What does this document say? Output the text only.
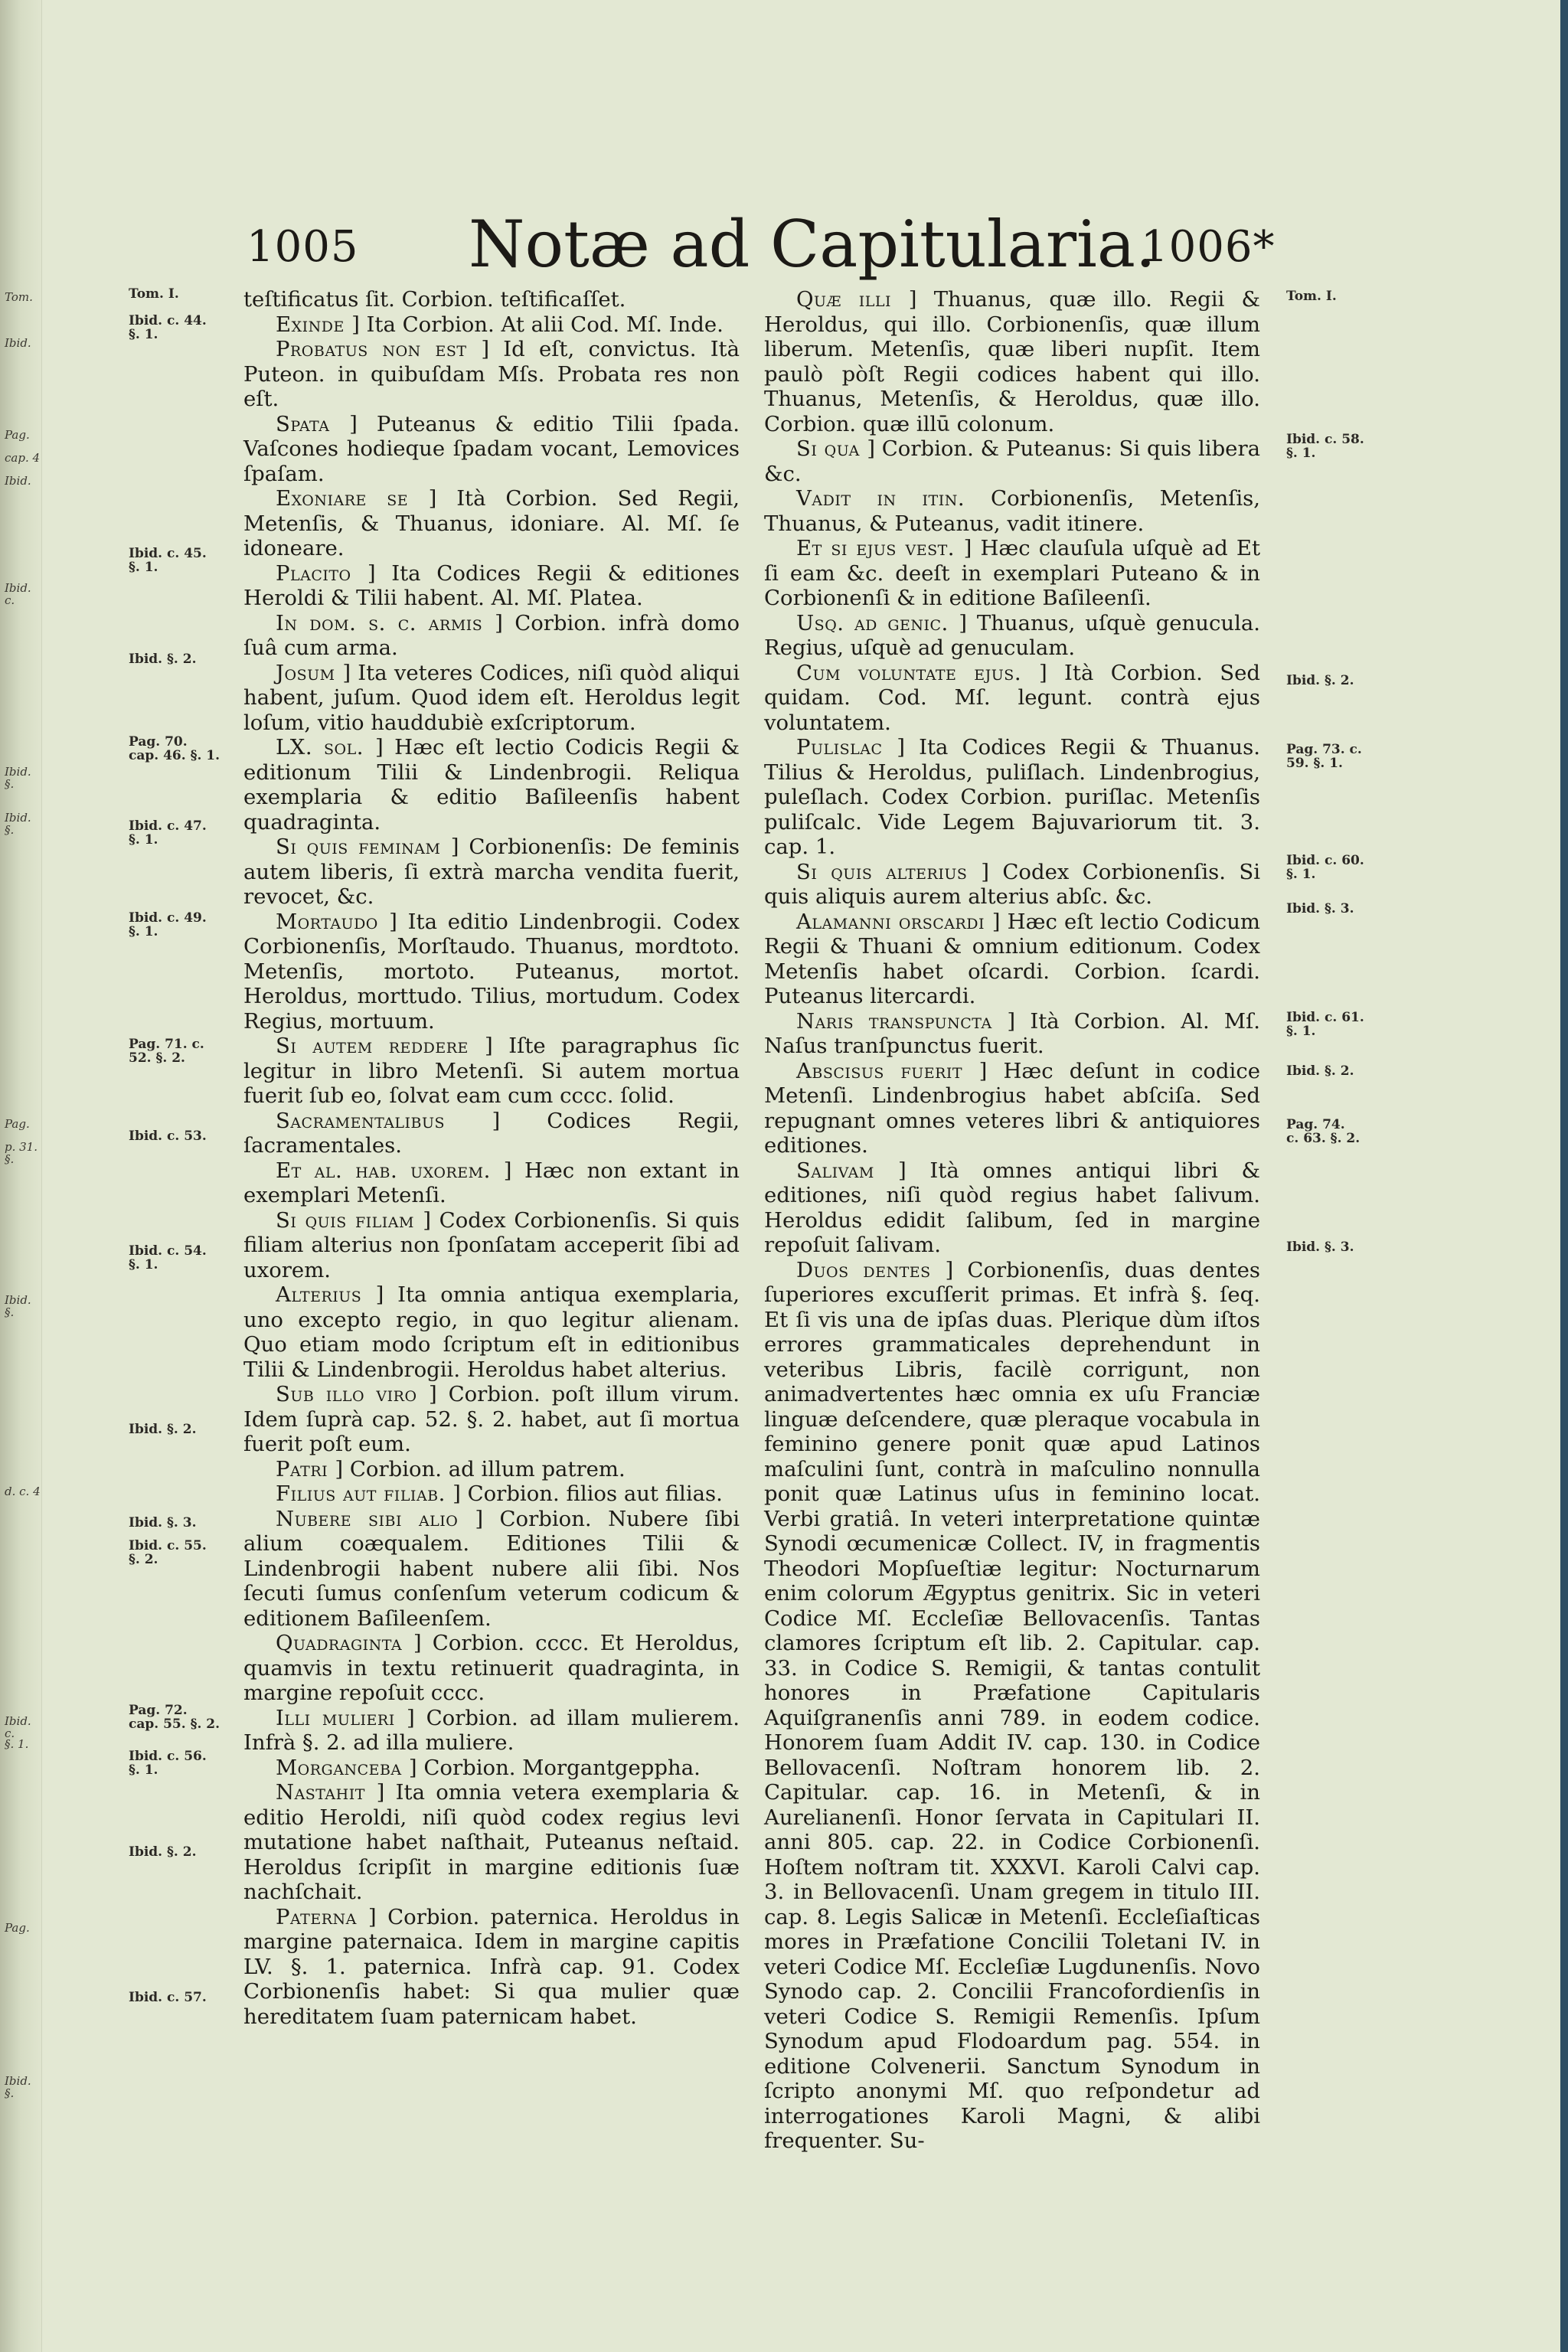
Tom.
Ibid.
Pag.
cap. 4
Ibid.
Ibid. c.
Ibid. §.
Ibid. §.
Pag.
p. 31. §.
Ibid. §.
d. c. 4
Ibid. c.
§. 1.
Pag.
Ibid. §.
1005 Notæ ad Capitularia.
1006*
Tom. I.
Ibid. c. 44.
§. 1.
Ibid. c. 45.
§. 1.
Ibid. §. 2.
Pag. 70.
cap. 46. §. 1.
Ibid. c. 47.
§. 1.
Ibid. c. 49.
§. 1.
Pag. 71. c.
52. §. 2.
Ibid. c. 53.
Ibid. c. 54.
§. 1.
Ibid. §. 2.
Ibid. §. 3.
Ibid. c. 55.
§. 2.
Pag. 72.
cap. 55. §. 2.
Ibid. c. 56.
§. 1.
Ibid. §. 2.
Ibid. c. 57.
Tom. I.
Ibid. c. 58.
§. 1.
Ibid. §. 2.
Pag. 73. c.
59. §. 1.
Ibid. c. 60.
§. 1.
Ibid. §. 3.
Ibid. c. 61.
§. 1.
Ibid. §. 2.
Pag. 74.
c. 63. §. 2.
Ibid. §. 3.

teſtificatus ſit. Corbion. teſtificaſſet.

Exinde ] Ita Corbion. At alii Cod. Mſ. Inde.

Probatus non est ] Id eſt, convictus. Ità Puteon. in quibuſdam Mſs. Probata res non eſt.

Spata ] Puteanus & editio Tilii ſpada. Vaſcones hodieque ſpadam vocant, Lemovices ſpaſam.

Exoniare se ] Ità Corbion. Sed Regii, Metenſis, & Thuanus, idoniare. Al. Mſ. ſe idoneare.

Placito ] Ita Codices Regii & editiones Heroldi & Tilii habent. Al. Mſ. Platea.

In dom. s. c. armis ] Corbion. infrà domo ſuâ cum arma.

Josum ] Ita veteres Codices, niſi quòd aliqui habent, juſum. Quod idem eſt. Heroldus legit loſum, vitio hauddubiè exſcriptorum.

LX. sol. ] Hæc eſt lectio Codicis Regii & editionum Tilii & Lindenbrogii. Reliqua exemplaria & editio Baſileenſis habent quadraginta.

Si quis feminam ] Corbionenſis: De feminis autem liberis, ſi extrà marcha vendita fuerit, revocet, &c.

Mortaudo ] Ita editio Lindenbrogii. Codex Corbionenſis, Morſtaudo. Thuanus, mordtoto. Metenſis, mortoto. Puteanus, mortot. Heroldus, morttudo. Tilius, mortudum. Codex Regius, mortuum.

Si autem reddere ] Iſte paragraphus ſic legitur in libro Metenſi. Si autem mortua fuerit ſub eo, ſolvat eam cum cccc. ſolid.

Sacramentalibus ] Codices Regii, ſacramentales.

Et al. hab. uxorem. ] Hæc non extant in exemplari Metenſi.

Si quis filiam ] Codex Corbionenſis. Si quis filiam alterius non ſponſatam acceperit ſibi ad uxorem.

Alterius ] Ita omnia antiqua exemplaria, uno excepto regio, in quo legitur alienam. Quo etiam modo ſcriptum eſt in editionibus Tilii & Lindenbrogii. Heroldus habet alterius.

Sub illo viro ] Corbion. poſt illum virum. Idem ſuprà cap. 52. §. 2. habet, aut ſi mortua fuerit poſt eum.

Patri ] Corbion. ad illum patrem.

Filius aut filiab. ] Corbion. filios aut filias.

Nubere sibi alio ] Corbion. Nubere ſibi alium coæqualem. Editiones Tilii & Lindenbrogii habent nubere alii ſibi. Nos ſecuti ſumus conſenſum veterum codicum & editionem Baſileenſem.

Quadraginta ] Corbion. cccc. Et Heroldus, quamvis in textu retinuerit quadraginta, in margine repoſuit cccc.

Illi mulieri ] Corbion. ad illam mulierem. Infrà §. 2. ad illa muliere.

Morganceba ] Corbion. Morgantgeppha.

Nastahit ] Ita omnia vetera exemplaria & editio Heroldi, niſi quòd codex regius levi mutatione habet naſthait, Puteanus neſtaid. Heroldus ſcripſit in margine editionis ſuæ nachſchait.

Paterna ] Corbion. paternica. Heroldus in margine paternaica. Idem in margine capitis LV. §. 1. paternica. Infrà cap. 91. Codex Corbionenſis habet: Si qua mulier quæ hereditatem ſuam paternicam habet.

Quæ illi ] Thuanus, quæ illo. Regii & Heroldus, qui illo. Corbionenſis, quæ illum liberum. Metenſis, quæ liberi nupſit. Item paulò pòſt Regii codices habent qui illo. Thuanus, Metenſis, & Heroldus, quæ illo. Corbion. quæ illū colonum.

Si qua ] Corbion. & Puteanus: Si quis libera &c.

Vadit in itin. Corbionenſis, Metenſis, Thuanus, & Puteanus, vadit itinere.

Et si ejus vest. ] Hæc clauſula uſquè ad Et ſi eam &c. deeſt in exemplari Puteano & in Corbionenſi & in editione Baſileenſi.

Usq. ad genic. ] Thuanus, uſquè genucula. Regius, uſquè ad genuculam.

Cum voluntate ejus. ] Ità Corbion. Sed quidam. Cod. Mſ. legunt. contrà ejus voluntatem.

Pulislac ] Ita Codices Regii & Thuanus. Tilius & Heroldus, puliſlach. Lindenbrogius, puleſlach. Codex Corbion. puriſlac. Metenſis puliſcalc. Vide Legem Bajuvariorum tit. 3. cap. 1.

Si quis alterius ] Codex Corbionenſis. Si quis aliquis aurem alterius abſc. &c.

Alamanni orscardi ] Hæc eſt lectio Codicum Regii & Thuani & omnium editionum. Codex Metenſis habet oſcardi. Corbion. ſcardi. Puteanus litercardi.

Naris transpuncta ] Ità Corbion. Al. Mſ. Naſus tranſpunctus fuerit.

Abscisus fuerit ] Hæc deſunt in codice Metenſi. Lindenbrogius habet abſciſa. Sed repugnant omnes veteres libri & antiquiores editiones.

Salivam ] Ità omnes antiqui libri & editiones, niſi quòd regius habet ſalivum. Heroldus edidit ſalibum, ſed in margine repoſuit ſalivam.

Duos dentes ] Corbionenſis, duas dentes ſuperiores excuſſerit primas. Et infrà §. ſeq. Et ſi vis una de ipſas duas. Plerique dùm iſtos errores grammaticales deprehendunt in veteribus Libris, facilè corrigunt, non animadvertentes hæc omnia ex uſu Franciæ linguæ deſcendere, quæ pleraque vocabula in feminino genere ponit quæ apud Latinos maſculini ſunt, contrà in maſculino nonnulla ponit quæ Latinus uſus in feminino locat. Verbi gratiâ. In veteri interpretatione quintæ Synodi œcumenicæ Collect. IV, in fragmentis Theodori Mopſueſtiæ legitur: Nocturnarum enim colorum Ægyptus genitrix. Sic in veteri Codice Mſ. Eccleſiæ Bellovacenſis. Tantas clamores ſcriptum eſt lib. 2. Capitular. cap. 33. in Codice S. Remigii, & tantas contulit honores in Præfatione Capitularis Aquiſgranenſis anni 789. in eodem codice. Honorem ſuam Addit IV. cap. 130. in Codice Bellovacenſi. Noſtram honorem lib. 2. Capitular. cap. 16. in Metenſi, & in Aurelianenſi. Honor ſervata in Capitulari II. anni 805. cap. 22. in Codice Corbionenſi. Hoſtem noſtram tit. XXXVI. Karoli Calvi cap. 3. in Bellovacenſi. Unam gregem in titulo III. cap. 8. Legis Salicæ in Metenſi. Eccleſiaſticas mores in Præfatione Concilii Toletani IV. in veteri Codice Mſ. Eccleſiæ Lugdunenſis. Novo Synodo cap. 2. Concilii Francofordienſis in veteri Codice S. Remigii Remenſis. Ipſum Synodum apud Flodoardum pag. 554. in editione Colvenerii. Sanctum Synodum in ſcripto anonymi Mſ. quo reſpondetur ad interrogationes Karoli Magni, & alibi frequenter. Su-
